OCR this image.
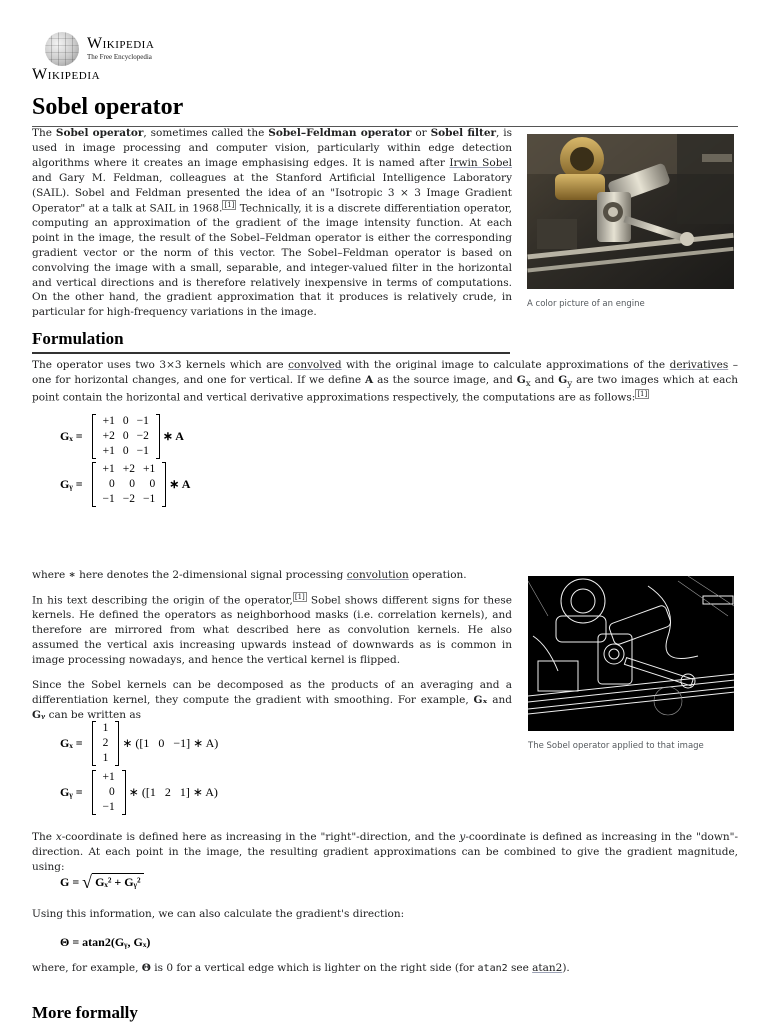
Wikipedia
The Free Encyclopedia
Wikipedia
Sobel operator

The Sobel operator, sometimes called the Sobel–Feldman operator or Sobel filter, is used in image processing and computer vision, particularly within edge detection algorithms where it creates an image emphasising edges. It is named after Irwin Sobel and Gary M. Feldman, colleagues at the Stanford Artificial Intelligence Laboratory (SAIL). Sobel and Feldman presented the idea of an "Isotropic 3 × 3 Image Gradient Operator" at a talk at SAIL in 1968. [1] Technically, it is a discrete differentiation operator, computing an approximation of the gradient of the image intensity function. At each point in the image, the result of the Sobel–Feldman operator is either the corresponding gradient vector or the norm of this vector. The Sobel–Feldman operator is based on convolving the image with a small, separable, and integer-valued filter in the horizontal and vertical directions and is therefore relatively inexpensive in terms of computations. On the other hand, the gradient approximation that it produces is relatively crude, in particular for high-frequency variations in the image.

A color picture of an engine
Formulation

The operator uses two 3×3 kernels which are convolved with the original image to calculate approximations of the derivatives – one for horizontal changes, and one for vertical. If we define A as the source image, and $G_x$ and $G_y$ are two images which at each point contain the horizontal and vertical derivative approximations respectively, the computations are as follows: [1]

Gₓ =
+1 0 −1
+2 0 −2
+1 0 −1
∗ A
Gᵧ =
+1 +2 +1
0	0	0
−1 −2 −1
∗ A

where ∗ here denotes the 2-dimensional signal processing convolution operation.

In his text describing the origin of the operator, [1] Sobel shows different signs for these kernels. He defined the operators as neighborhood masks (i.e. correlation kernels), and therefore are mirrored from what described here as convolution kernels. He also assumed the vertical axis increasing upwards instead of downwards as is common in image processing nowadays, and hence the vertical kernel is flipped.

The Sobel operator applied to that image

Since the Sobel kernels can be decomposed as the products of an averaging and a differentiation kernel, they compute the gradient with smoothing. For example, Gₓ and Gᵧ can be written as

Gₓ =
1
2
1
∗ ([1   0   −1] ∗ A)
Gᵧ =
+1
0
−1
∗ ([1   2   1] ∗ A)

The x-coordinate is defined here as increasing in the "right"-direction, and the y-coordinate is defined as increasing in the "down"-direction. At each point in the image, the resulting gradient approximations can be combined to give the gradient magnitude, using:

G =
√ Gₓ² + Gᵧ²

Using this information, we can also calculate the gradient's direction:

Θ = atan2(Gᵧ, Gₓ)

where, for example, Θ is 0 for a vertical edge which is lighter on the right side (for atan2 see atan2).

More formally
